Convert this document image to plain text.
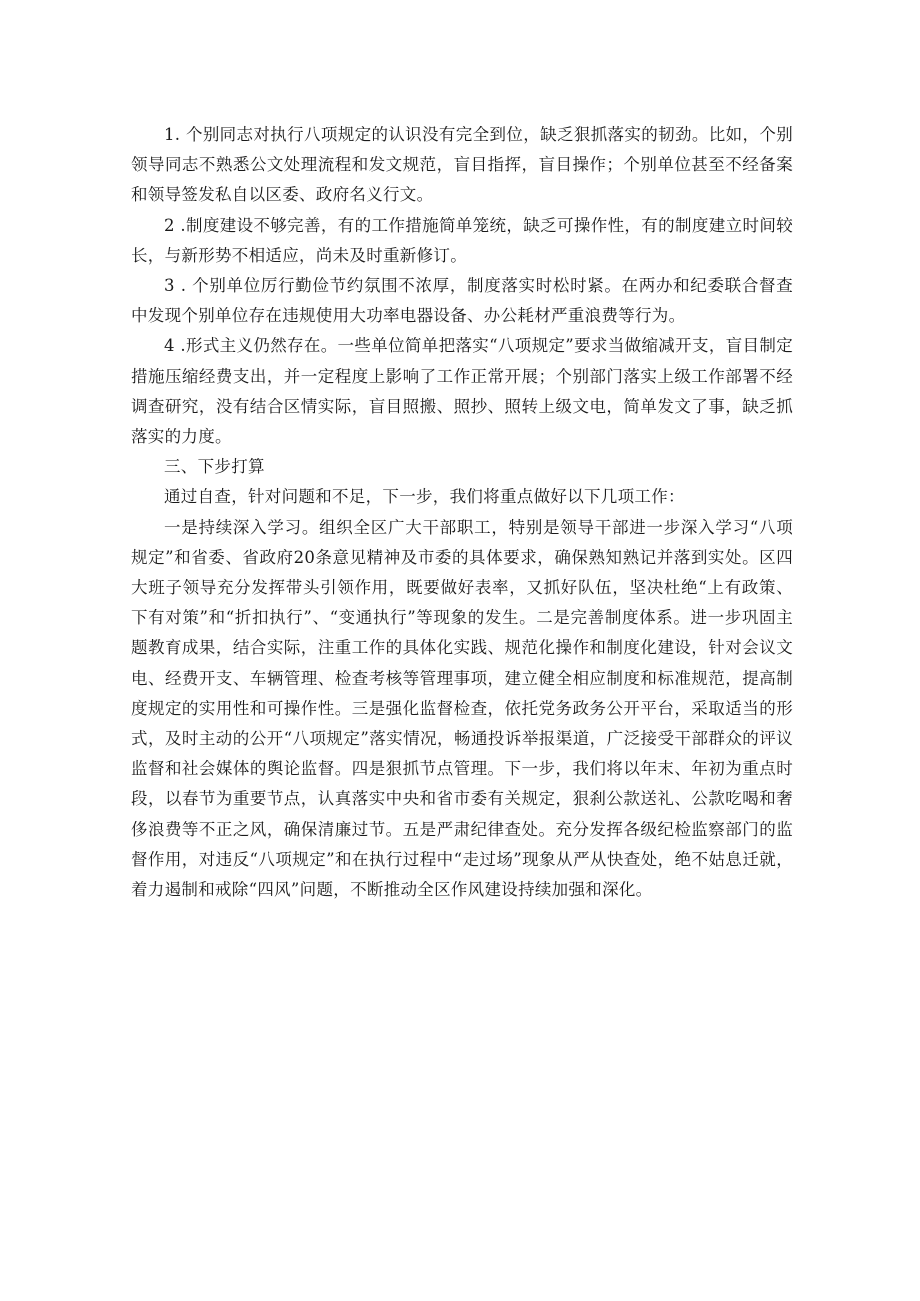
1. 个别同志对执行八项规定的认识没有完全到位，缺乏狠抓落实的韧劲。比如，个别领导同志不熟悉公文处理流程和发文规范，盲目指挥，盲目操作；个别单位甚至不经备案和领导签发私自以区委、政府名义行文。

2 .制度建设不够完善，有的工作措施简单笼统，缺乏可操作性，有的制度建立时间较长，与新形势不相适应，尚未及时重新修订。

3 . 个别单位厉行勤俭节约氛围不浓厚，制度落实时松时紧。在两办和纪委联合督查中发现个别单位存在违规使用大功率电器设备、办公耗材严重浪费等行为。

4 .形式主义仍然存在。一些单位简单把落实“八项规定”要求当做缩减开支，盲目制定措施压缩经费支出，并一定程度上影响了工作正常开展；个别部门落实上级工作部署不经调查研究，没有结合区情实际，盲目照搬、照抄、照转上级文电，简单发文了事，缺乏抓落实的力度。

三、下步打算

通过自查，针对问题和不足，下一步，我们将重点做好以下几项工作：

一是持续深入学习。组织全区广大干部职工，特别是领导干部进一步深入学习“八项规定”和省委、省政府20条意见精神及市委的具体要求，确保熟知熟记并落到实处。区四大班子领导充分发挥带头引领作用，既要做好表率，又抓好队伍，坚决杜绝“上有政策、下有对策”和“折扣执行”、“变通执行”等现象的发生。二是完善制度体系。进一步巩固主题教育成果，结合实际，注重工作的具体化实践、规范化操作和制度化建设，针对会议文电、经费开支、车辆管理、检查考核等管理事项，建立健全相应制度和标准规范，提高制度规定的实用性和可操作性。三是强化监督检查，依托党务政务公开平台，采取适当的形式，及时主动的公开“八项规定”落实情况，畅通投诉举报渠道，广泛接受干部群众的评议监督和社会媒体的舆论监督。四是狠抓节点管理。下一步，我们将以年末、年初为重点时段，以春节为重要节点，认真落实中央和省市委有关规定，狠刹公款送礼、公款吃喝和奢侈浪费等不正之风，确保清廉过节。五是严肃纪律查处。充分发挥各级纪检监察部门的监督作用，对违反“八项规定”和在执行过程中“走过场”现象从严从快查处，绝不姑息迁就，着力遏制和戒除“四风”问题，不断推动全区作风建设持续加强和深化。
